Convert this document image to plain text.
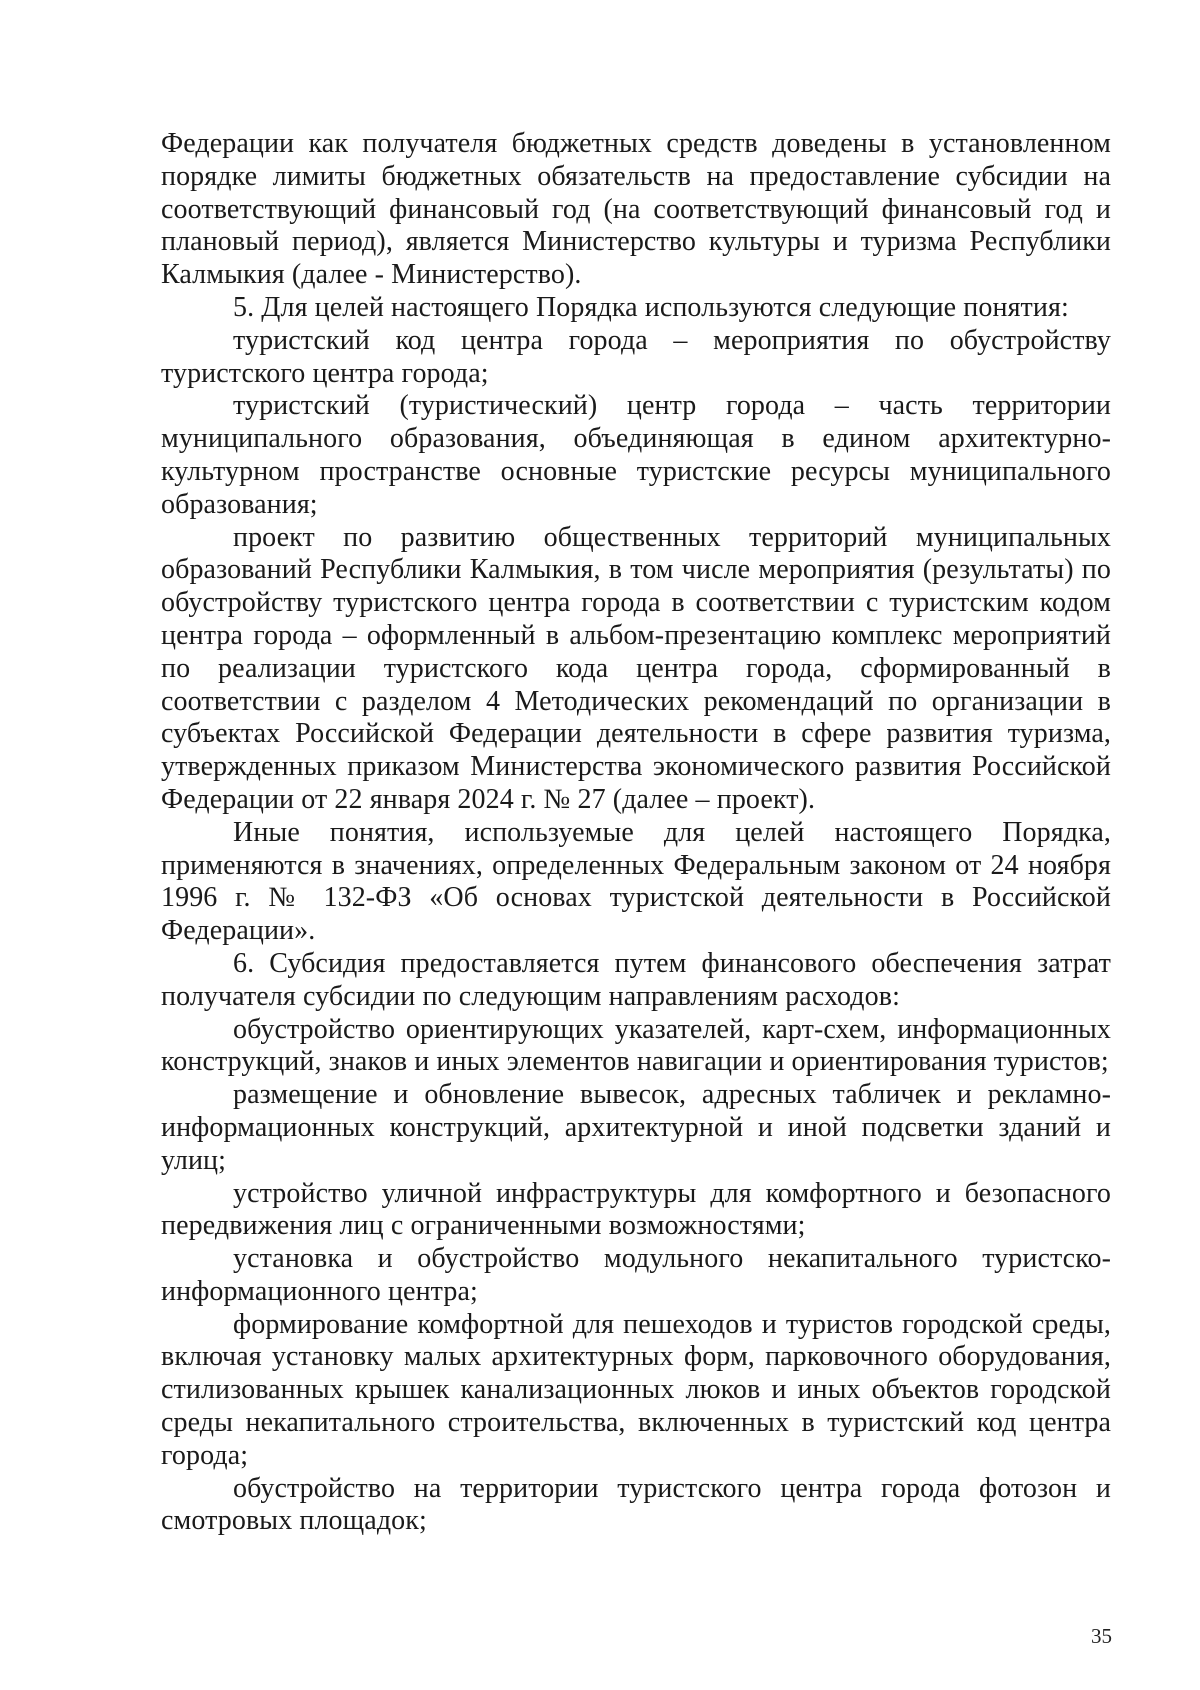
Федерации как получателя бюджетных средств доведены в установленном порядке лимиты бюджетных обязательств на предоставление субсидии на соответствующий финансовый год (на соответствующий финансовый год и плановый период), является Министерство культуры и туризма Республики Калмыкия (далее - Министерство).

5. Для целей настоящего Порядка используются следующие понятия:

туристский код центра города – мероприятия по обустройству туристского центра города;

туристский (туристический) центр города – часть территории муниципального образования, объединяющая в едином архитектурно-культурном пространстве основные туристские ресурсы муниципального образования;

проект по развитию общественных территорий муниципальных образований Республики Калмыкия, в том числе мероприятия (результаты) по обустройству туристского центра города в соответствии с туристским кодом центра города – оформленный в альбом-презентацию комплекс мероприятий по реализации туристского кода центра города, сформированный в соответствии с разделом 4 Методических рекомендаций по организации в субъектах Российской Федерации деятельности в сфере развития туризма, утвержденных приказом Министерства экономического развития Российской Федерации от 22 января 2024 г. № 27 (далее – проект).

Иные понятия, используемые для целей настоящего Порядка, применяются в значениях, определенных Федеральным законом от 24 ноября 1996 г. № 132-ФЗ «Об основах туристской деятельности в Российской Федерации».

6. Субсидия предоставляется путем финансового обеспечения затрат получателя субсидии по следующим направлениям расходов:

обустройство ориентирующих указателей, карт-схем, информационных конструкций, знаков и иных элементов навигации и ориентирования туристов;

размещение и обновление вывесок, адресных табличек и рекламно-информационных конструкций, архитектурной и иной подсветки зданий и улиц;

устройство уличной инфраструктуры для комфортного и безопасного передвижения лиц с ограниченными возможностями;

установка и обустройство модульного некапитального туристско-информационного центра;

формирование комфортной для пешеходов и туристов городской среды, включая установку малых архитектурных форм, парковочного оборудования, стилизованных крышек канализационных люков и иных объектов городской среды некапитального строительства, включенных в туристский код центра города;

обустройство на территории туристского центра города фотозон и смотровых площадок;

35
